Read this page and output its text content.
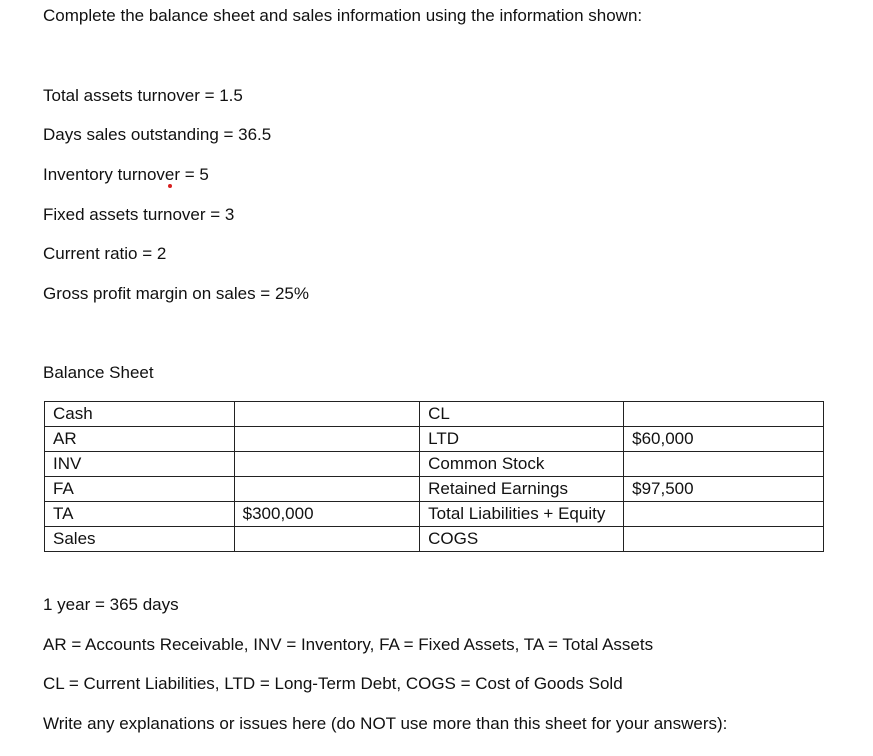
Complete the balance sheet and sales information using the information shown:
Total assets turnover = 1.5
Days sales outstanding = 36.5
Inventory turnover = 5
Fixed assets turnover = 3
Current ratio = 2
Gross profit margin on sales = 25%
Balance Sheet
Cash		CL	
AR		LTD	$60,000
INV		Common Stock	
FA		Retained Earnings	$97,500
TA	$300,000	Total Liabilities + Equity	
Sales		COGS	
1 year = 365 days
AR = Accounts Receivable, INV = Inventory, FA = Fixed Assets, TA = Total Assets
CL = Current Liabilities, LTD = Long-Term Debt, COGS = Cost of Goods Sold
Write any explanations or issues here (do NOT use more than this sheet for your answers):
